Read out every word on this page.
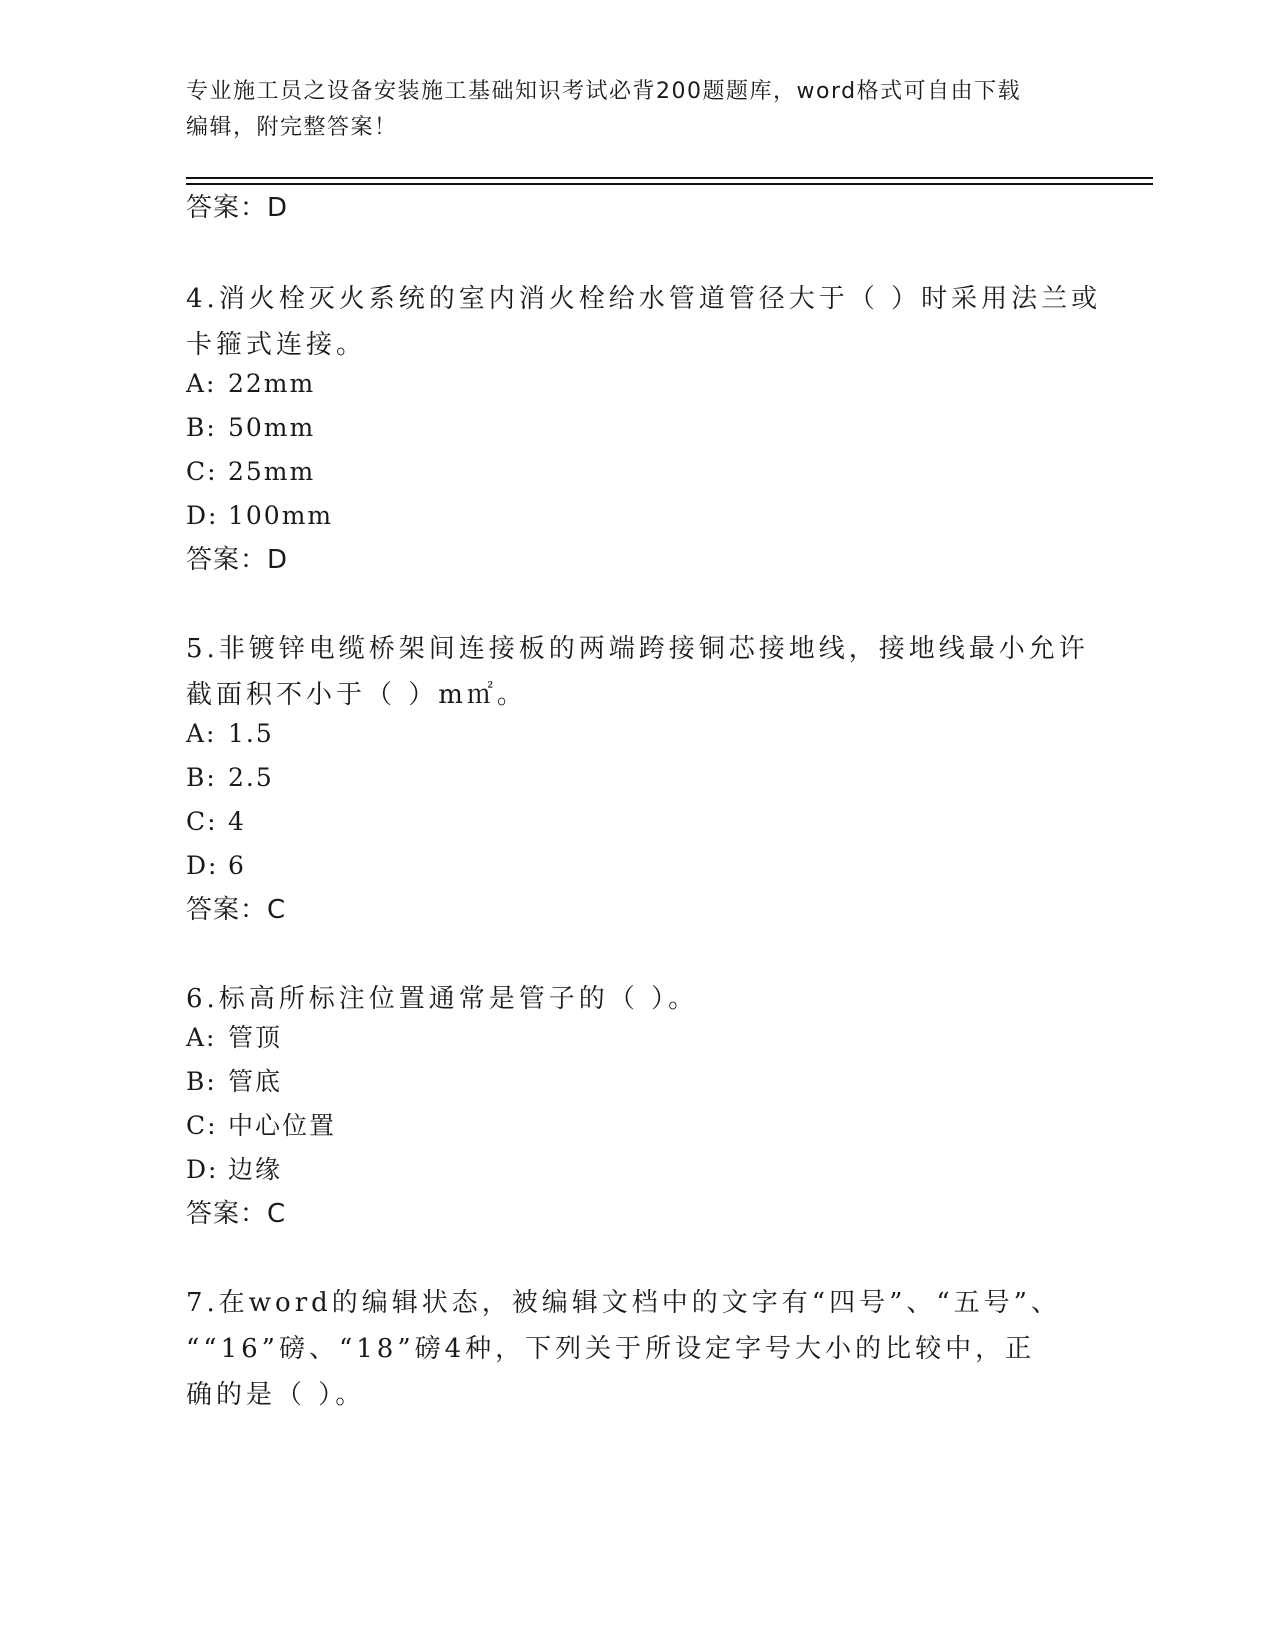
专业施工员之设备安装施工基础知识考试必背200题题库，word格式可自由下载
编辑，附完整答案！
答案：D
4.消火栓灭火系统的室内消火栓给水管道管径大于（ ）时采用法兰或
卡箍式连接。
A: 22mm
B: 50mm
C: 25mm
D: 100mm
答案：D
5.非镀锌电缆桥架间连接板的两端跨接铜芯接地线，接地线最小允许
截面积不小于（ ）m㎡。
A: 1.5
B: 2.5
C: 4
D: 6
答案：C
6.标高所标注位置通常是管子的（ ）。
A: 管顶
B: 管底
C: 中心位置
D: 边缘
答案：C
7.在word的编辑状态，被编辑文档中的文字有“四号”、“五号”、
““16”磅、“18”磅4种，下列关于所设定字号大小的比较中，正
确的是（ ）。
